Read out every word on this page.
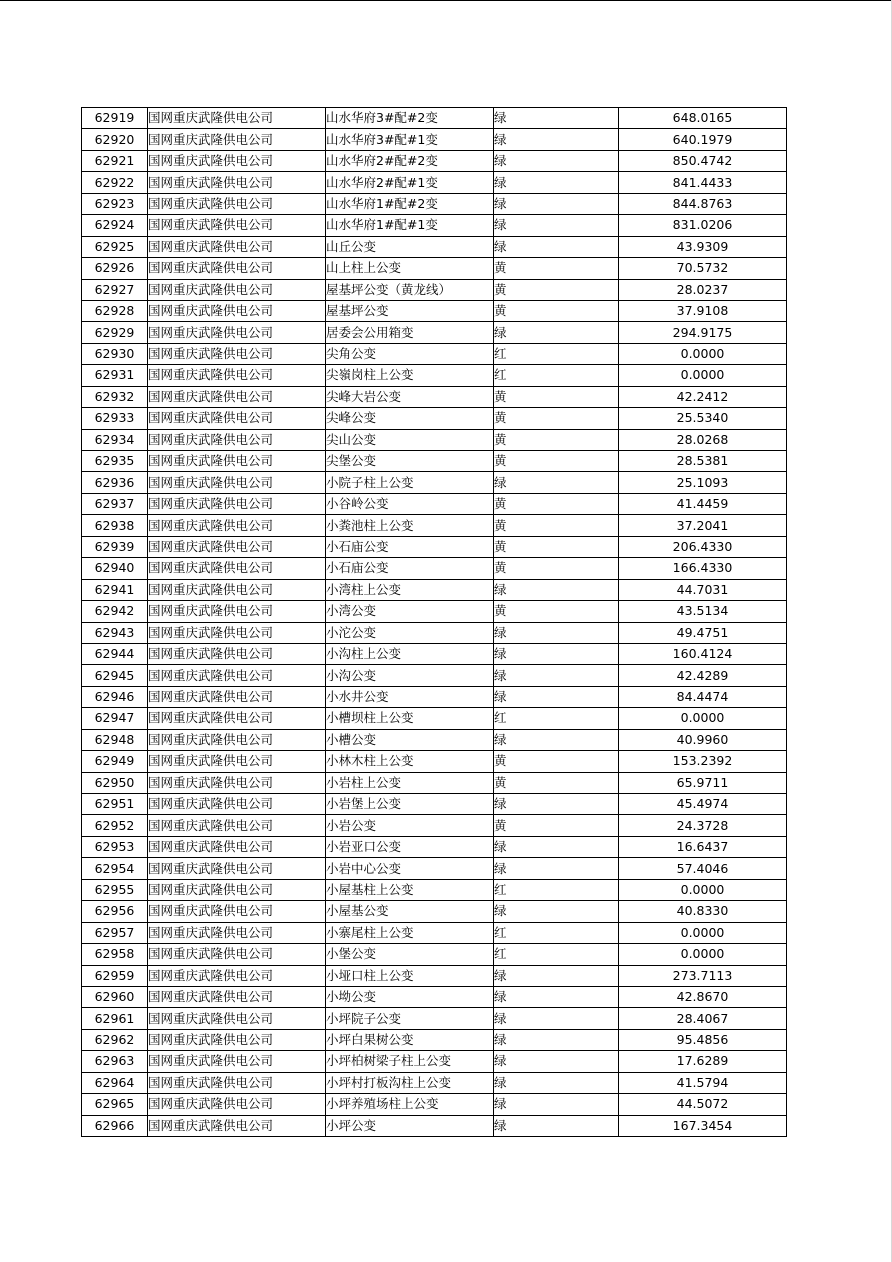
62919	国网重庆武隆供电公司	山水华府3#配#2变	绿	648.0165
62920	国网重庆武隆供电公司	山水华府3#配#1变	绿	640.1979
62921	国网重庆武隆供电公司	山水华府2#配#2变	绿	850.4742
62922	国网重庆武隆供电公司	山水华府2#配#1变	绿	841.4433
62923	国网重庆武隆供电公司	山水华府1#配#2变	绿	844.8763
62924	国网重庆武隆供电公司	山水华府1#配#1变	绿	831.0206
62925	国网重庆武隆供电公司	山丘公变	绿	43.9309
62926	国网重庆武隆供电公司	山上柱上公变	黄	70.5732
62927	国网重庆武隆供电公司	屋基坪公变（黄龙线）	黄	28.0237
62928	国网重庆武隆供电公司	屋基坪公变	黄	37.9108
62929	国网重庆武隆供电公司	居委会公用箱变	绿	294.9175
62930	国网重庆武隆供电公司	尖角公变	红	0.0000
62931	国网重庆武隆供电公司	尖嶺岗柱上公变	红	0.0000
62932	国网重庆武隆供电公司	尖峰大岩公变	黄	42.2412
62933	国网重庆武隆供电公司	尖峰公变	黄	25.5340
62934	国网重庆武隆供电公司	尖山公变	黄	28.0268
62935	国网重庆武隆供电公司	尖堡公变	黄	28.5381
62936	国网重庆武隆供电公司	小院子柱上公变	绿	25.1093
62937	国网重庆武隆供电公司	小谷岭公变	黄	41.4459
62938	国网重庆武隆供电公司	小粪池柱上公变	黄	37.2041
62939	国网重庆武隆供电公司	小石庙公变	黄	206.4330
62940	国网重庆武隆供电公司	小石庙公变	黄	166.4330
62941	国网重庆武隆供电公司	小湾柱上公变	绿	44.7031
62942	国网重庆武隆供电公司	小湾公变	黄	43.5134
62943	国网重庆武隆供电公司	小沱公变	绿	49.4751
62944	国网重庆武隆供电公司	小沟柱上公变	绿	160.4124
62945	国网重庆武隆供电公司	小沟公变	绿	42.4289
62946	国网重庆武隆供电公司	小水井公变	绿	84.4474
62947	国网重庆武隆供电公司	小槽坝柱上公变	红	0.0000
62948	国网重庆武隆供电公司	小槽公变	绿	40.9960
62949	国网重庆武隆供电公司	小林木柱上公变	黄	153.2392
62950	国网重庆武隆供电公司	小岩柱上公变	黄	65.9711
62951	国网重庆武隆供电公司	小岩堡上公变	绿	45.4974
62952	国网重庆武隆供电公司	小岩公变	黄	24.3728
62953	国网重庆武隆供电公司	小岩亚口公变	绿	16.6437
62954	国网重庆武隆供电公司	小岩中心公变	绿	57.4046
62955	国网重庆武隆供电公司	小屋基柱上公变	红	0.0000
62956	国网重庆武隆供电公司	小屋基公变	绿	40.8330
62957	国网重庆武隆供电公司	小寨尾柱上公变	红	0.0000
62958	国网重庆武隆供电公司	小堡公变	红	0.0000
62959	国网重庆武隆供电公司	小垭口柱上公变	绿	273.7113
62960	国网重庆武隆供电公司	小坳公变	绿	42.8670
62961	国网重庆武隆供电公司	小坪院子公变	绿	28.4067
62962	国网重庆武隆供电公司	小坪白果树公变	绿	95.4856
62963	国网重庆武隆供电公司	小坪柏树梁子柱上公变	绿	17.6289
62964	国网重庆武隆供电公司	小坪村打板沟柱上公变	绿	41.5794
62965	国网重庆武隆供电公司	小坪养殖场柱上公变	绿	44.5072
62966	国网重庆武隆供电公司	小坪公变	绿	167.3454
